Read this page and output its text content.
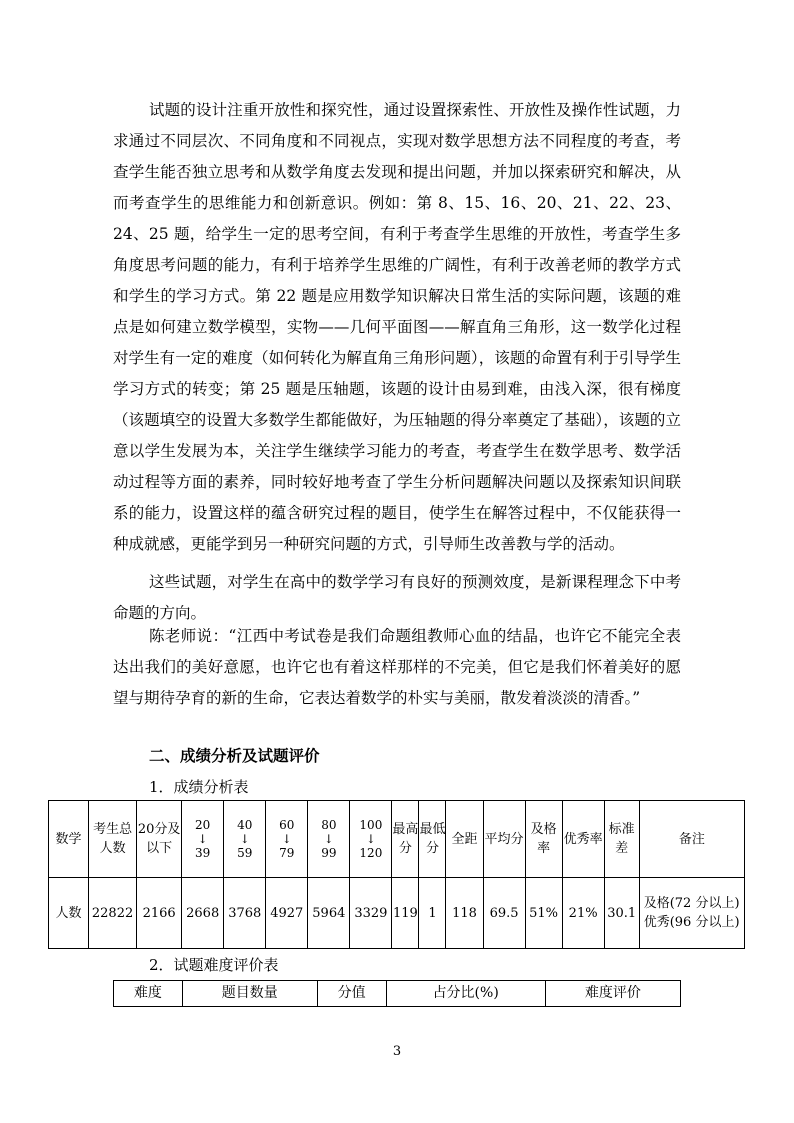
试题的设计注重开放性和探究性，通过设置探索性、开放性及操作性试题，力求通过不同层次、不同角度和不同视点，实现对数学思想方法不同程度的考查，考查学生能否独立思考和从数学角度去发现和提出问题，并加以探索研究和解决，从而考查学生的思维能力和创新意识。例如：第 8、15、16、20、21、22、23、24、25 题，给学生一定的思考空间，有利于考查学生思维的开放性，考查学生多角度思考问题的能力，有利于培养学生思维的广阔性，有利于改善老师的教学方式和学生的学习方式。第 22 题是应用数学知识解决日常生活的实际问题，该题的难点是如何建立数学模型，实物——几何平面图——解直角三角形，这一数学化过程对学生有一定的难度（如何转化为解直角三角形问题），该题的命置有利于引导学生学习方式的转变；第 25 题是压轴题，该题的设计由易到难，由浅入深，很有梯度（该题填空的设置大多数学生都能做好，为压轴题的得分率奠定了基础），该题的立意以学生发展为本，关注学生继续学习能力的考查，考查学生在数学思考、数学活动过程等方面的素养，同时较好地考查了学生分析问题解决问题以及探索知识间联系的能力，设置这样的蕴含研究过程的题目，使学生在解答过程中，不仅能获得一种成就感，更能学到另一种研究问题的方式，引导师生改善教与学的活动。

这些试题，对学生在高中的数学学习有良好的预测效度，是新课程理念下中考命题的方向。

陈老师说：“江西中考试卷是我们命题组教师心血的结晶，也许它不能完全表达出我们的美好意愿，也许它也有着这样那样的不完美，但它是我们怀着美好的愿望与期待孕育的新的生命，它表达着数学的朴实与美丽，散发着淡淡的清香。”

二、成绩分析及试题评价

1．成绩分析表

数学	考生总人数	20分及以下	20
↓
39	40
↓
59	60
↓
79	80
↓
99	100
↓
120	最高分	最低分	全距	平均分	及格率	优秀率	标准差	备注
人数	22822	2166	2668	3768	4927	5964	3329	119	1	118	69.5	51%	21%	30.1	及格(72 分以上)优秀(96 分以上)

2．试题难度评价表

难度	题目数量	分值	占分比(%)	难度评价
3
